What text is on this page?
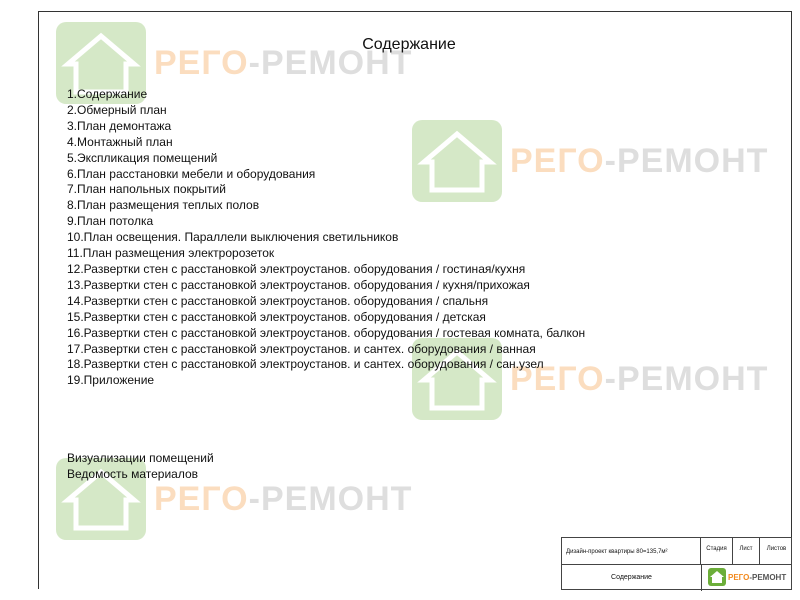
РЕГО-РЕМОНТ
РЕГО-РЕМОНТ
РЕГО-РЕМОНТ
РЕГО-РЕМОНТ
Содержание
1.Содержание
2.Обмерный план
3.План демонтажа
4.Монтажный план
5.Экспликация помещений
6.План расстановки мебели и оборудования
7.План напольных покрытий
8.План размещения теплых полов
9.План потолка
10.План освещения. Параллели выключения светильников
11.План размещения электророзеток
12.Развертки стен с расстановкой электроустанов. оборудования / гостиная/кухня
13.Развертки стен с расстановкой электроустанов. оборудования / кухня/прихожая
14.Развертки стен с расстановкой электроустанов. оборудования / спальня
15.Развертки стен с расстановкой электроустанов. оборудования / детская
16.Развертки стен с расстановкой электроустанов. оборудования / гостевая комната, балкон
17.Развертки стен с расстановкой электроустанов. и сантех. оборудования / ванная
18.Развертки стен с расстановкой электроустанов. и сантех. оборудования / сан.узел
19.Приложение
Визуализации помещений
Ведомость материалов
Дизайн-проект квартиры 80=135,7м²	Стадия	Лист	Листов
Содержание	РЕГО-РЕМОНТ
